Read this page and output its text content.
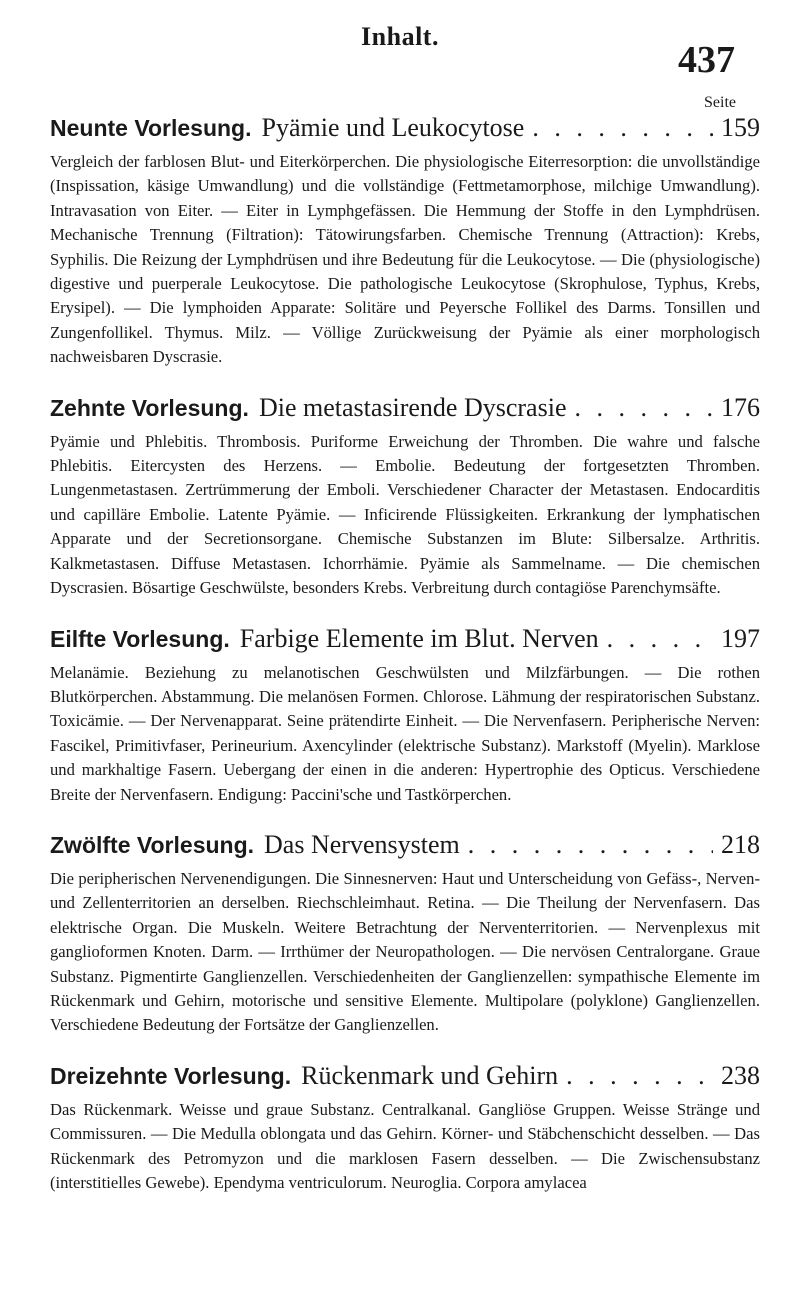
Inhalt.
437
Seite
Neunte Vorlesung. Pyämie und Leukocytose . . .	159

Vergleich der farblosen Blut- und Eiterkörperchen. Die physiologische Eiterresorption: die unvollständige (Inspissation, käsige Umwandlung) und die vollständige (Fettmetamorphose, milchige Umwandlung). Intravasation von Eiter. — Eiter in Lymphgefässen. Die Hemmung der Stoffe in den Lymphdrüsen. Mechanische Trennung (Filtration): Tätowirungsfarben. Chemische Trennung (Attraction): Krebs, Syphilis. Die Reizung der Lymphdrüsen und ihre Bedeutung für die Leukocytose. — Die (physiologische) digestive und puerperale Leukocytose. Die pathologische Leukocytose (Skrophulose, Typhus, Krebs, Erysipel). — Die lymphoiden Apparate: Solitäre und Peyersche Follikel des Darms. Tonsillen und Zungenfollikel. Thymus. Milz. — Völlige Zurückweisung der Pyämie als einer morphologisch nachweisbaren Dyscrasie.

Zehnte Vorlesung. Die metastasirende Dyscrasie . . .	176

Pyämie und Phlebitis. Thrombosis. Puriforme Erweichung der Thromben. Die wahre und falsche Phlebitis. Eitercysten des Herzens. — Embolie. Bedeutung der fortgesetzten Thromben. Lungenmetastasen. Zertrümmerung der Emboli. Verschiedener Character der Metastasen. Endocarditis und capilläre Embolie. Latente Pyämie. — Inficirende Flüssigkeiten. Erkrankung der lymphatischen Apparate und der Secretionsorgane. Chemische Substanzen im Blute: Silbersalze. Arthritis. Kalkmetastasen. Diffuse Metastasen. Ichorrhämie. Pyämie als Sammelname. — Die chemischen Dyscrasien. Bösartige Geschwülste, besonders Krebs. Verbreitung durch contagiöse Parenchymsäfte.

Eilfte Vorlesung. Farbige Elemente im Blut. Nerven . . .	197

Melanämie. Beziehung zu melanotischen Geschwülsten und Milzfärbungen. — Die rothen Blutkörperchen. Abstammung. Die melanösen Formen. Chlorose. Lähmung der respiratorischen Substanz. Toxicämie. — Der Nervenapparat. Seine prätendirte Einheit. — Die Nervenfasern. Peripherische Nerven: Fascikel, Primitivfaser, Perineurium. Axencylinder (elektrische Substanz). Markstoff (Myelin). Marklose und markhaltige Fasern. Uebergang der einen in die anderen: Hypertrophie des Opticus. Verschiedene Breite der Nervenfasern. Endigung: Paccini'sche und Tastkörperchen.

Zwölfte Vorlesung. Das Nervensystem . . .	218

Die peripherischen Nervenendigungen. Die Sinnesnerven: Haut und Unterscheidung von Gefäss-, Nerven- und Zellenterritorien an derselben. Riechschleimhaut. Retina. — Die Theilung der Nervenfasern. Das elektrische Organ. Die Muskeln. Weitere Betrachtung der Nerventerritorien. — Nervenplexus mit ganglioformen Knoten. Darm. — Irrthümer der Neuropathologen. — Die nervösen Centralorgane. Graue Substanz. Pigmentirte Ganglienzellen. Verschiedenheiten der Ganglienzellen: sympathische Elemente im Rückenmark und Gehirn, motorische und sensitive Elemente. Multipolare (polyklone) Ganglienzellen. Verschiedene Bedeutung der Fortsätze der Ganglienzellen.

Dreizehnte Vorlesung. Rückenmark und Gehirn . . .	238

Das Rückenmark. Weisse und graue Substanz. Centralkanal. Gangliöse Gruppen. Weisse Stränge und Commissuren. — Die Medulla oblongata und das Gehirn. Körner- und Stäbchenschicht desselben. — Das Rückenmark des Petromyzon und die marklosen Fasern desselben. — Die Zwischensubstanz (interstitielles Gewebe). Ependyma ventriculorum. Neuroglia. Corpora amylacea
